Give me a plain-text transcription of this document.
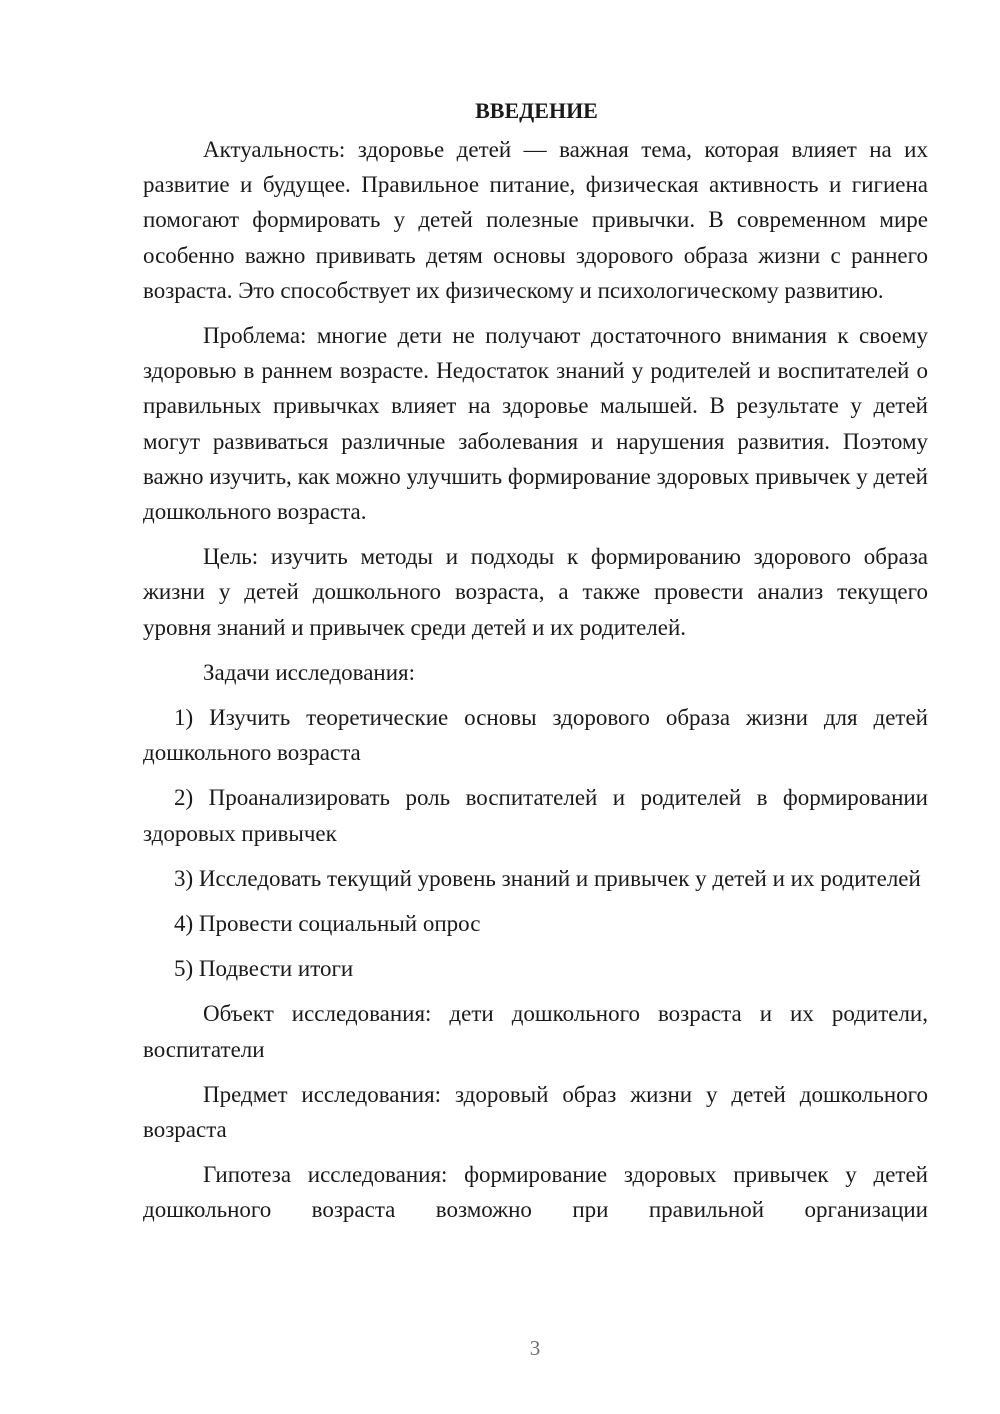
ВВЕДЕНИЕ

Актуальность: здоровье детей — важная тема, которая влияет на их развитие и будущее. Правильное питание, физическая активность и гигиена помогают формировать у детей полезные привычки. В современном мире особенно важно прививать детям основы здорового образа жизни с раннего возраста. Это способствует их физическому и психологическому развитию.

Проблема: многие дети не получают достаточного внимания к своему здоровью в раннем возрасте. Недостаток знаний у родителей и воспитателей о правильных привычках влияет на здоровье малышей. В результате у детей могут развиваться различные заболевания и нарушения развития. Поэтому важно изучить, как можно улучшить формирование здоровых привычек у детей дошкольного возраста.

Цель: изучить методы и подходы к формированию здорового образа жизни у детей дошкольного возраста, а также провести анализ текущего уровня знаний и привычек среди детей и их родителей.

Задачи исследования:

1) Изучить теоретические основы здорового образа жизни для детей дошкольного возраста

2) Проанализировать роль воспитателей и родителей в формировании здоровых привычек

3) Исследовать текущий уровень знаний и привычек у детей и их родителей

4) Провести социальный опрос

5) Подвести итоги

Объект исследования: дети дошкольного возраста и их родители, воспитатели

Предмет исследования: здоровый образ жизни у детей дошкольного возраста

Гипотеза исследования: формирование здоровых привычек у детей дошкольного возраста возможно при правильной организации

3
